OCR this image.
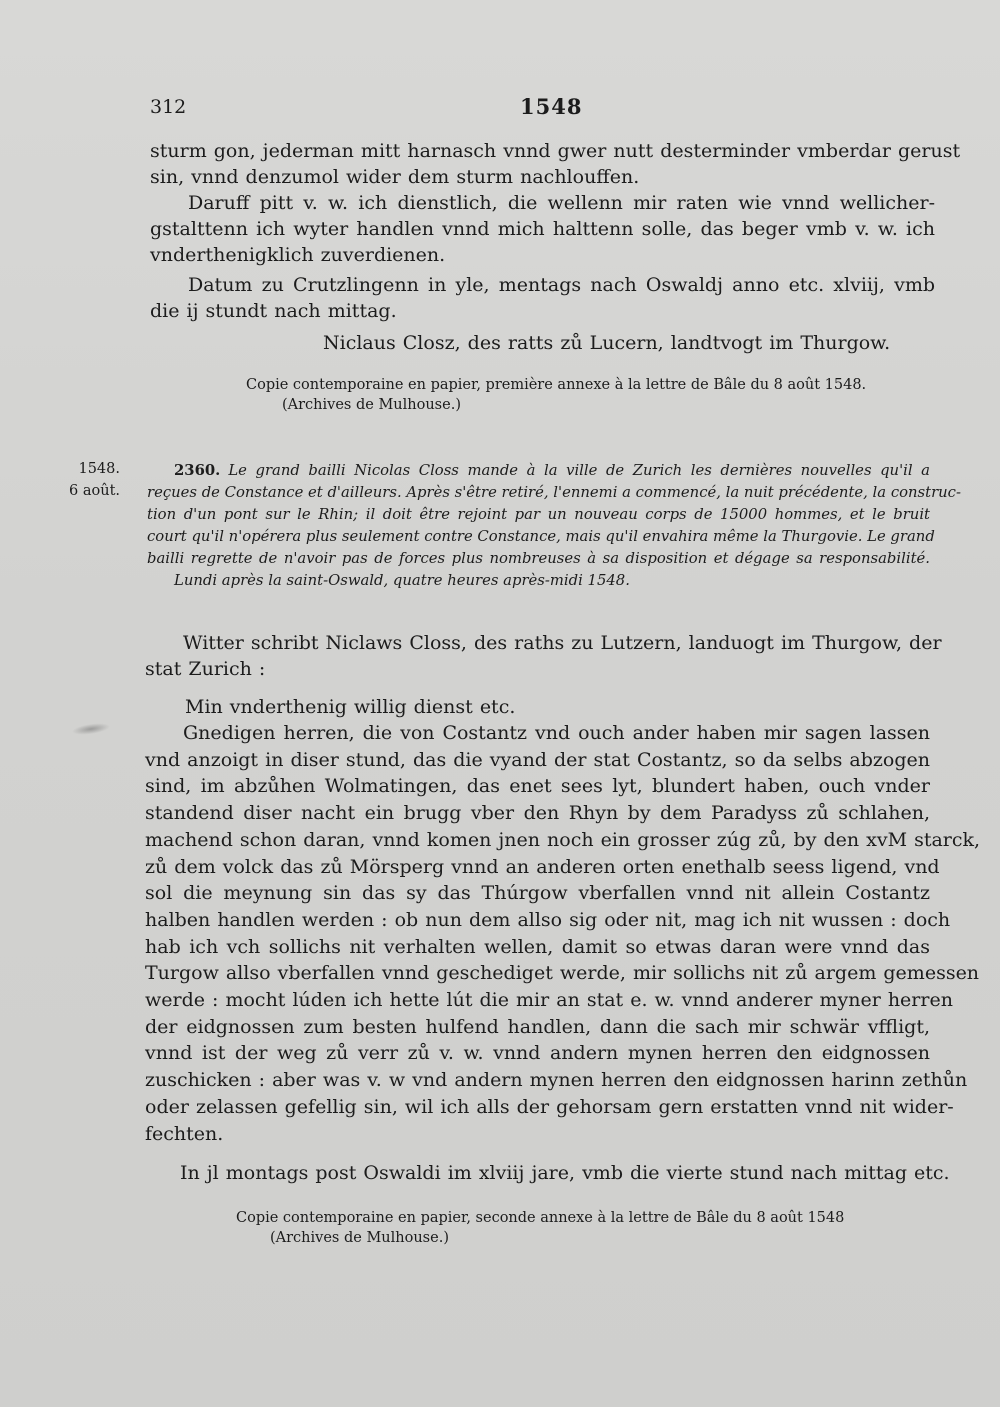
312	1548
sturm gon, jederman mitt harnasch vnnd gwer nutt desterminder vmberdar gerust
sin, vnnd denzumol wider dem sturm nachlouffen.
Daruff pitt v. w. ich dienstlich, die wellenn mir raten wie vnnd wellicher-
gstalttenn ich wyter handlen vnnd mich halttenn solle, das beger vmb v. w. ich
vnderthenigklich zuverdienen.
Datum zu Crutzlingenn in yle, mentags nach Oswaldj anno etc. xlviij, vmb
die ij stundt nach mittag.
Niclaus Closz, des ratts zů Lucern, landtvogt im Thurgow.
Copie contemporaine en papier, première annexe à la lettre de Bâle du 8 août 1548.
(Archives de Mulhouse.)
1548.
6 août.
2360. Le grand bailli Nicolas Closs mande à la ville de Zurich les dernières nouvelles qu'il a
reçues de Constance et d'ailleurs. Après s'être retiré, l'ennemi a commencé, la nuit précédente, la construc-
tion d'un pont sur le Rhin; il doit être rejoint par un nouveau corps de 15000 hommes, et le bruit
court qu'il n'opérera plus seulement contre Constance, mais qu'il envahira même la Thurgovie. Le grand
bailli regrette de n'avoir pas de forces plus nombreuses à sa disposition et dégage sa responsabilité.
Lundi après la saint-Oswald, quatre heures après-midi 1548.
Witter schribt Niclaws Closs, des raths zu Lutzern, landuogt im Thurgow, der
stat Zurich :
Min vnderthenig willig dienst etc.
Gnedigen herren, die von Costantz vnd ouch ander haben mir sagen lassen
vnd anzoigt in diser stund, das die vyand der stat Costantz, so da selbs abzogen
sind, im abzůhen Wolmatingen, das enet sees lyt, blundert haben, ouch vnder
standend diser nacht ein brugg vber den Rhyn by dem Paradyss zů schlahen,
machend schon daran, vnnd komen jnen noch ein grosser zúg zů, by den xvM starck,
zů dem volck das zů Mörsperg vnnd an anderen orten enethalb seess ligend, vnd
sol die meynung sin das sy das Thúrgow vberfallen vnnd nit allein Costantz
halben handlen werden : ob nun dem allso sig oder nit, mag ich nit wussen : doch
hab ich vch sollichs nit verhalten wellen, damit so etwas daran were vnnd das
Turgow allso vberfallen vnnd geschediget werde, mir sollichs nit zů argem gemessen
werde : mocht lúden ich hette lút die mir an stat e. w. vnnd anderer myner herren
der eidgnossen zum besten hulfend handlen, dann die sach mir schwär vffligt,
vnnd ist der weg zů verr zů v. w. vnnd andern mynen herren den eidgnossen
zuschicken : aber was v. w vnd andern mynen herren den eidgnossen harinn zethůn
oder zelassen gefellig sin, wil ich alls der gehorsam gern erstatten vnnd nit wider-
fechten.
In jl montags post Oswaldi im xlviij jare, vmb die vierte stund nach mittag etc.
Copie contemporaine en papier, seconde annexe à la lettre de Bâle du 8 août 1548
(Archives de Mulhouse.)
